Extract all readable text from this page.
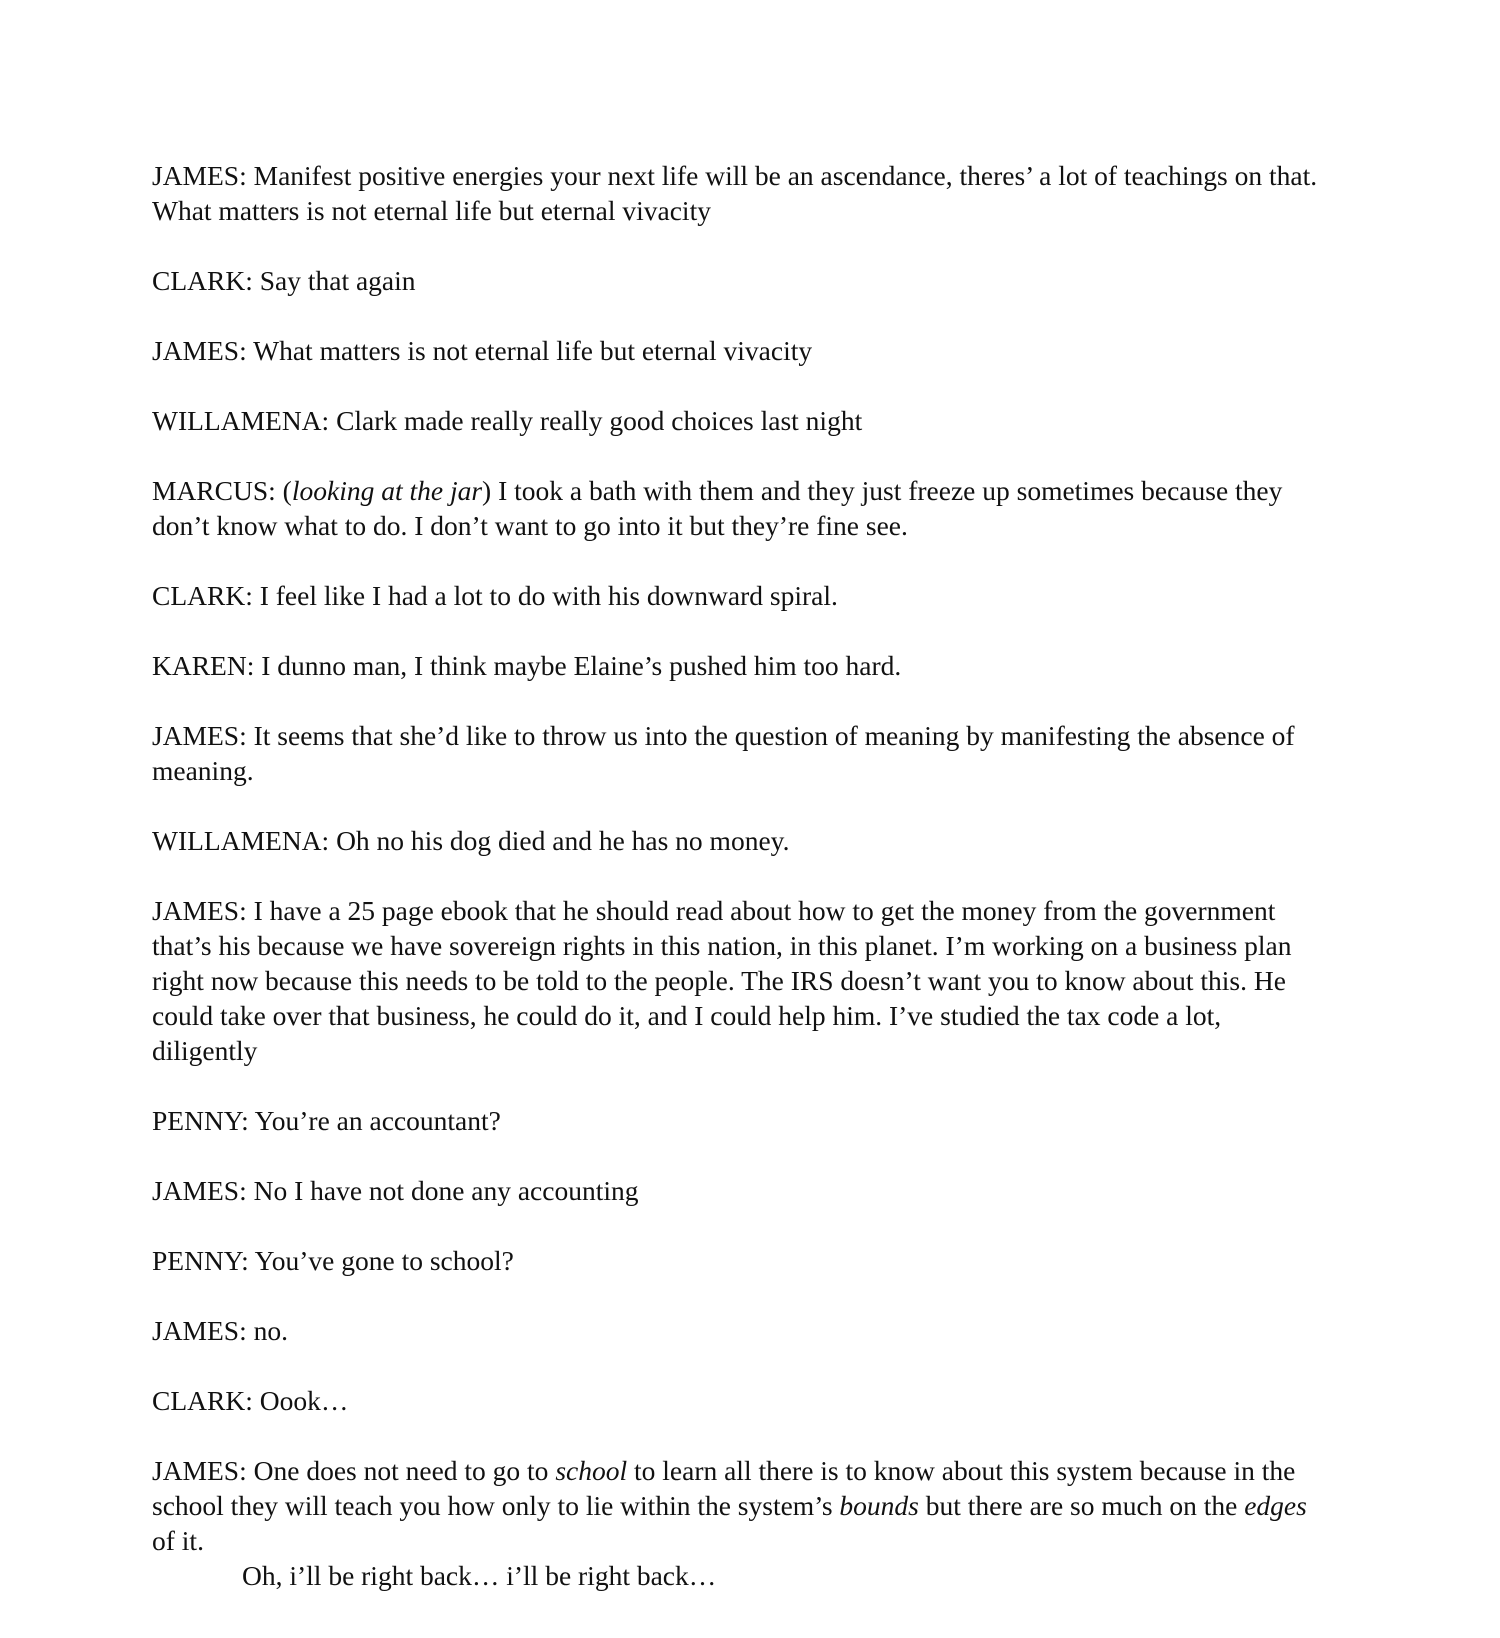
JAMES: Manifest positive energies your next life will be an ascendance, theres’ a lot of teachings on that. What matters is not eternal life but eternal vivacity

CLARK: Say that again

JAMES: What matters is not eternal life but eternal vivacity

WILLAMENA: Clark made really really good choices last night

MARCUS: (looking at the jar) I took a bath with them and they just freeze up sometimes because they don’t know what to do. I don’t want to go into it but they’re fine see.

CLARK: I feel like I had a lot to do with his downward spiral.

KAREN: I dunno man, I think maybe Elaine’s pushed him too hard.

JAMES: It seems that she’d like to throw us into the question of meaning by manifesting the absence of meaning.

WILLAMENA: Oh no his dog died and he has no money.

JAMES: I have a 25 page ebook that he should read about how to get the money from the government that’s his because we have sovereign rights in this nation, in this planet. I’m working on a business plan right now because this needs to be told to the people. The IRS doesn’t want you to know about this. He could take over that business, he could do it, and I could help him. I’ve studied the tax code a lot, diligently

PENNY: You’re an accountant?

JAMES: No I have not done any accounting

PENNY: You’ve gone to school?

JAMES: no.

CLARK: Oook…

JAMES: One does not need to go to school to learn all there is to know about this system because in the school they will teach you how only to lie within the system’s bounds but there are so much on the edges of it.

Oh, i’ll be right back… i’ll be right back…
